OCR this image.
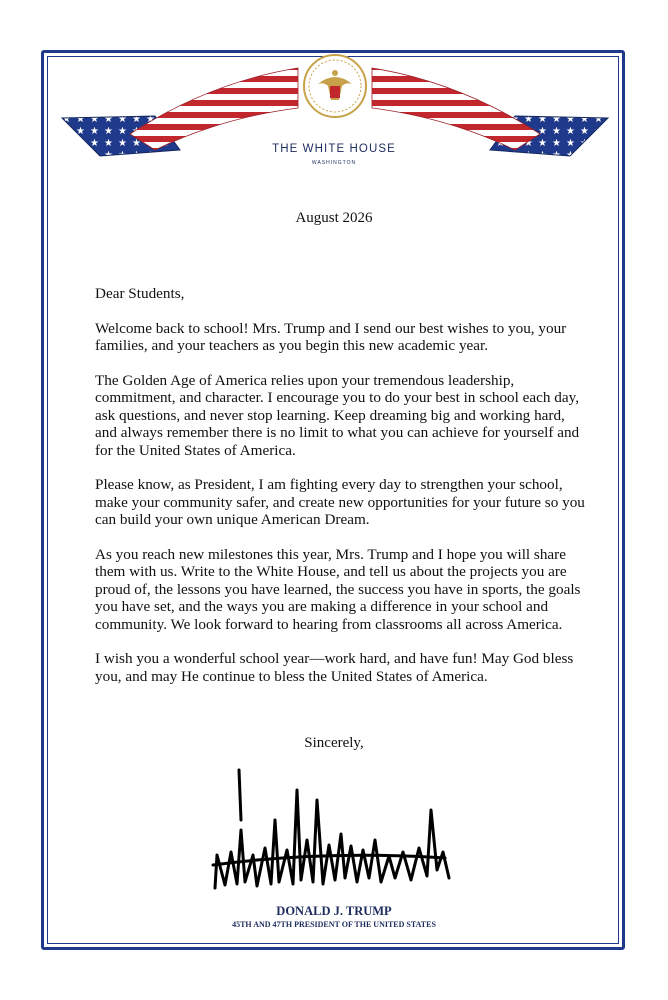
THE WHITE HOUSE
WASHINGTON
August 2026

Dear Students,

Welcome back to school! Mrs. Trump and I send our best wishes to you, your families, and your teachers as you begin this new academic year.

The Golden Age of America relies upon your tremendous leadership, commitment, and character. I encourage you to do your best in school each day, ask questions, and never stop learning. Keep dreaming big and working hard, and always remember there is no limit to what you can achieve for yourself and for the United States of America.

Please know, as President, I am fighting every day to strengthen your school, make your community safer, and create new opportunities for your future so you can build your own unique American Dream.

As you reach new milestones this year, Mrs. Trump and I hope you will share them with us. Write to the White House, and tell us about the projects you are proud of, the lessons you have learned, the success you have in sports, the goals you have set, and the ways you are making a difference in your school and community. We look forward to hearing from classrooms all across America.

I wish you a wonderful school year—work hard, and have fun! May God bless you, and may He continue to bless the United States of America.

Sincerely,
DONALD J. TRUMP
45TH AND 47TH PRESIDENT OF THE UNITED STATES
